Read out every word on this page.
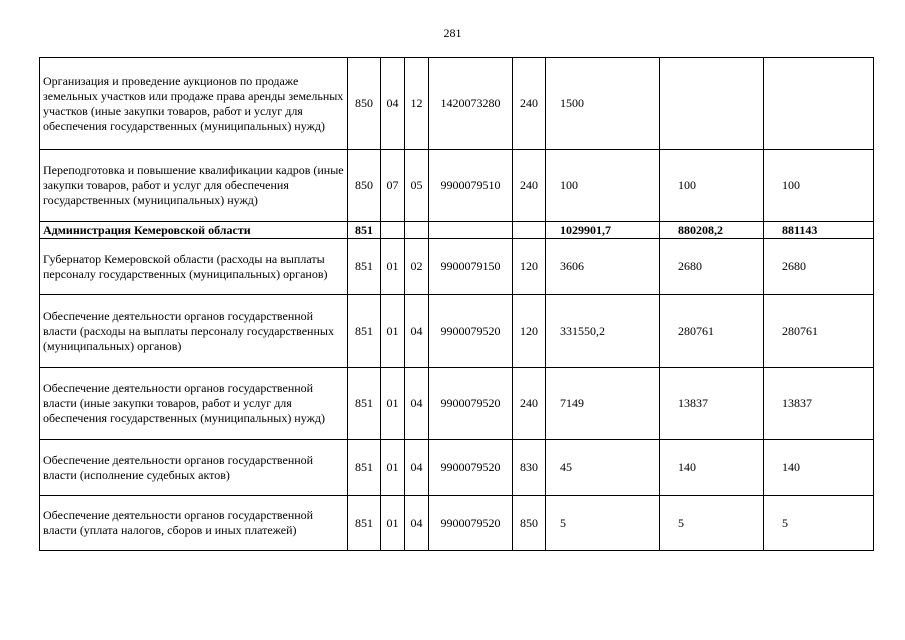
281
Организация и проведение аукционов по продаже земельных участков или продаже права аренды земельных участков (иные закупки товаров, работ и услуг для обеспечения государственных (муниципальных) нужд)	850	04	12	1420073280	240	1500		
Переподготовка и повышение квалификации кадров (иные закупки товаров, работ и услуг для обеспечения государственных (муниципальных) нужд)	850	07	05	9900079510	240	100	100	100
Администрация Кемеровской области	851					1029901,7	880208,2	881143
Губернатор Кемеровской области (расходы на выплаты персоналу государственных (муниципальных) органов)	851	01	02	9900079150	120	3606	2680	2680
Обеспечение деятельности органов государственной власти (расходы на выплаты персоналу государственных (муниципальных) органов)	851	01	04	9900079520	120	331550,2	280761	280761
Обеспечение деятельности органов государственной власти (иные закупки товаров, работ и услуг для обеспечения государственных (муниципальных) нужд)	851	01	04	9900079520	240	7149	13837	13837
Обеспечение деятельности органов государственной власти (исполнение судебных актов)	851	01	04	9900079520	830	45	140	140
Обеспечение деятельности органов государственной власти (уплата налогов, сборов и иных платежей)	851	01	04	9900079520	850	5	5	5
